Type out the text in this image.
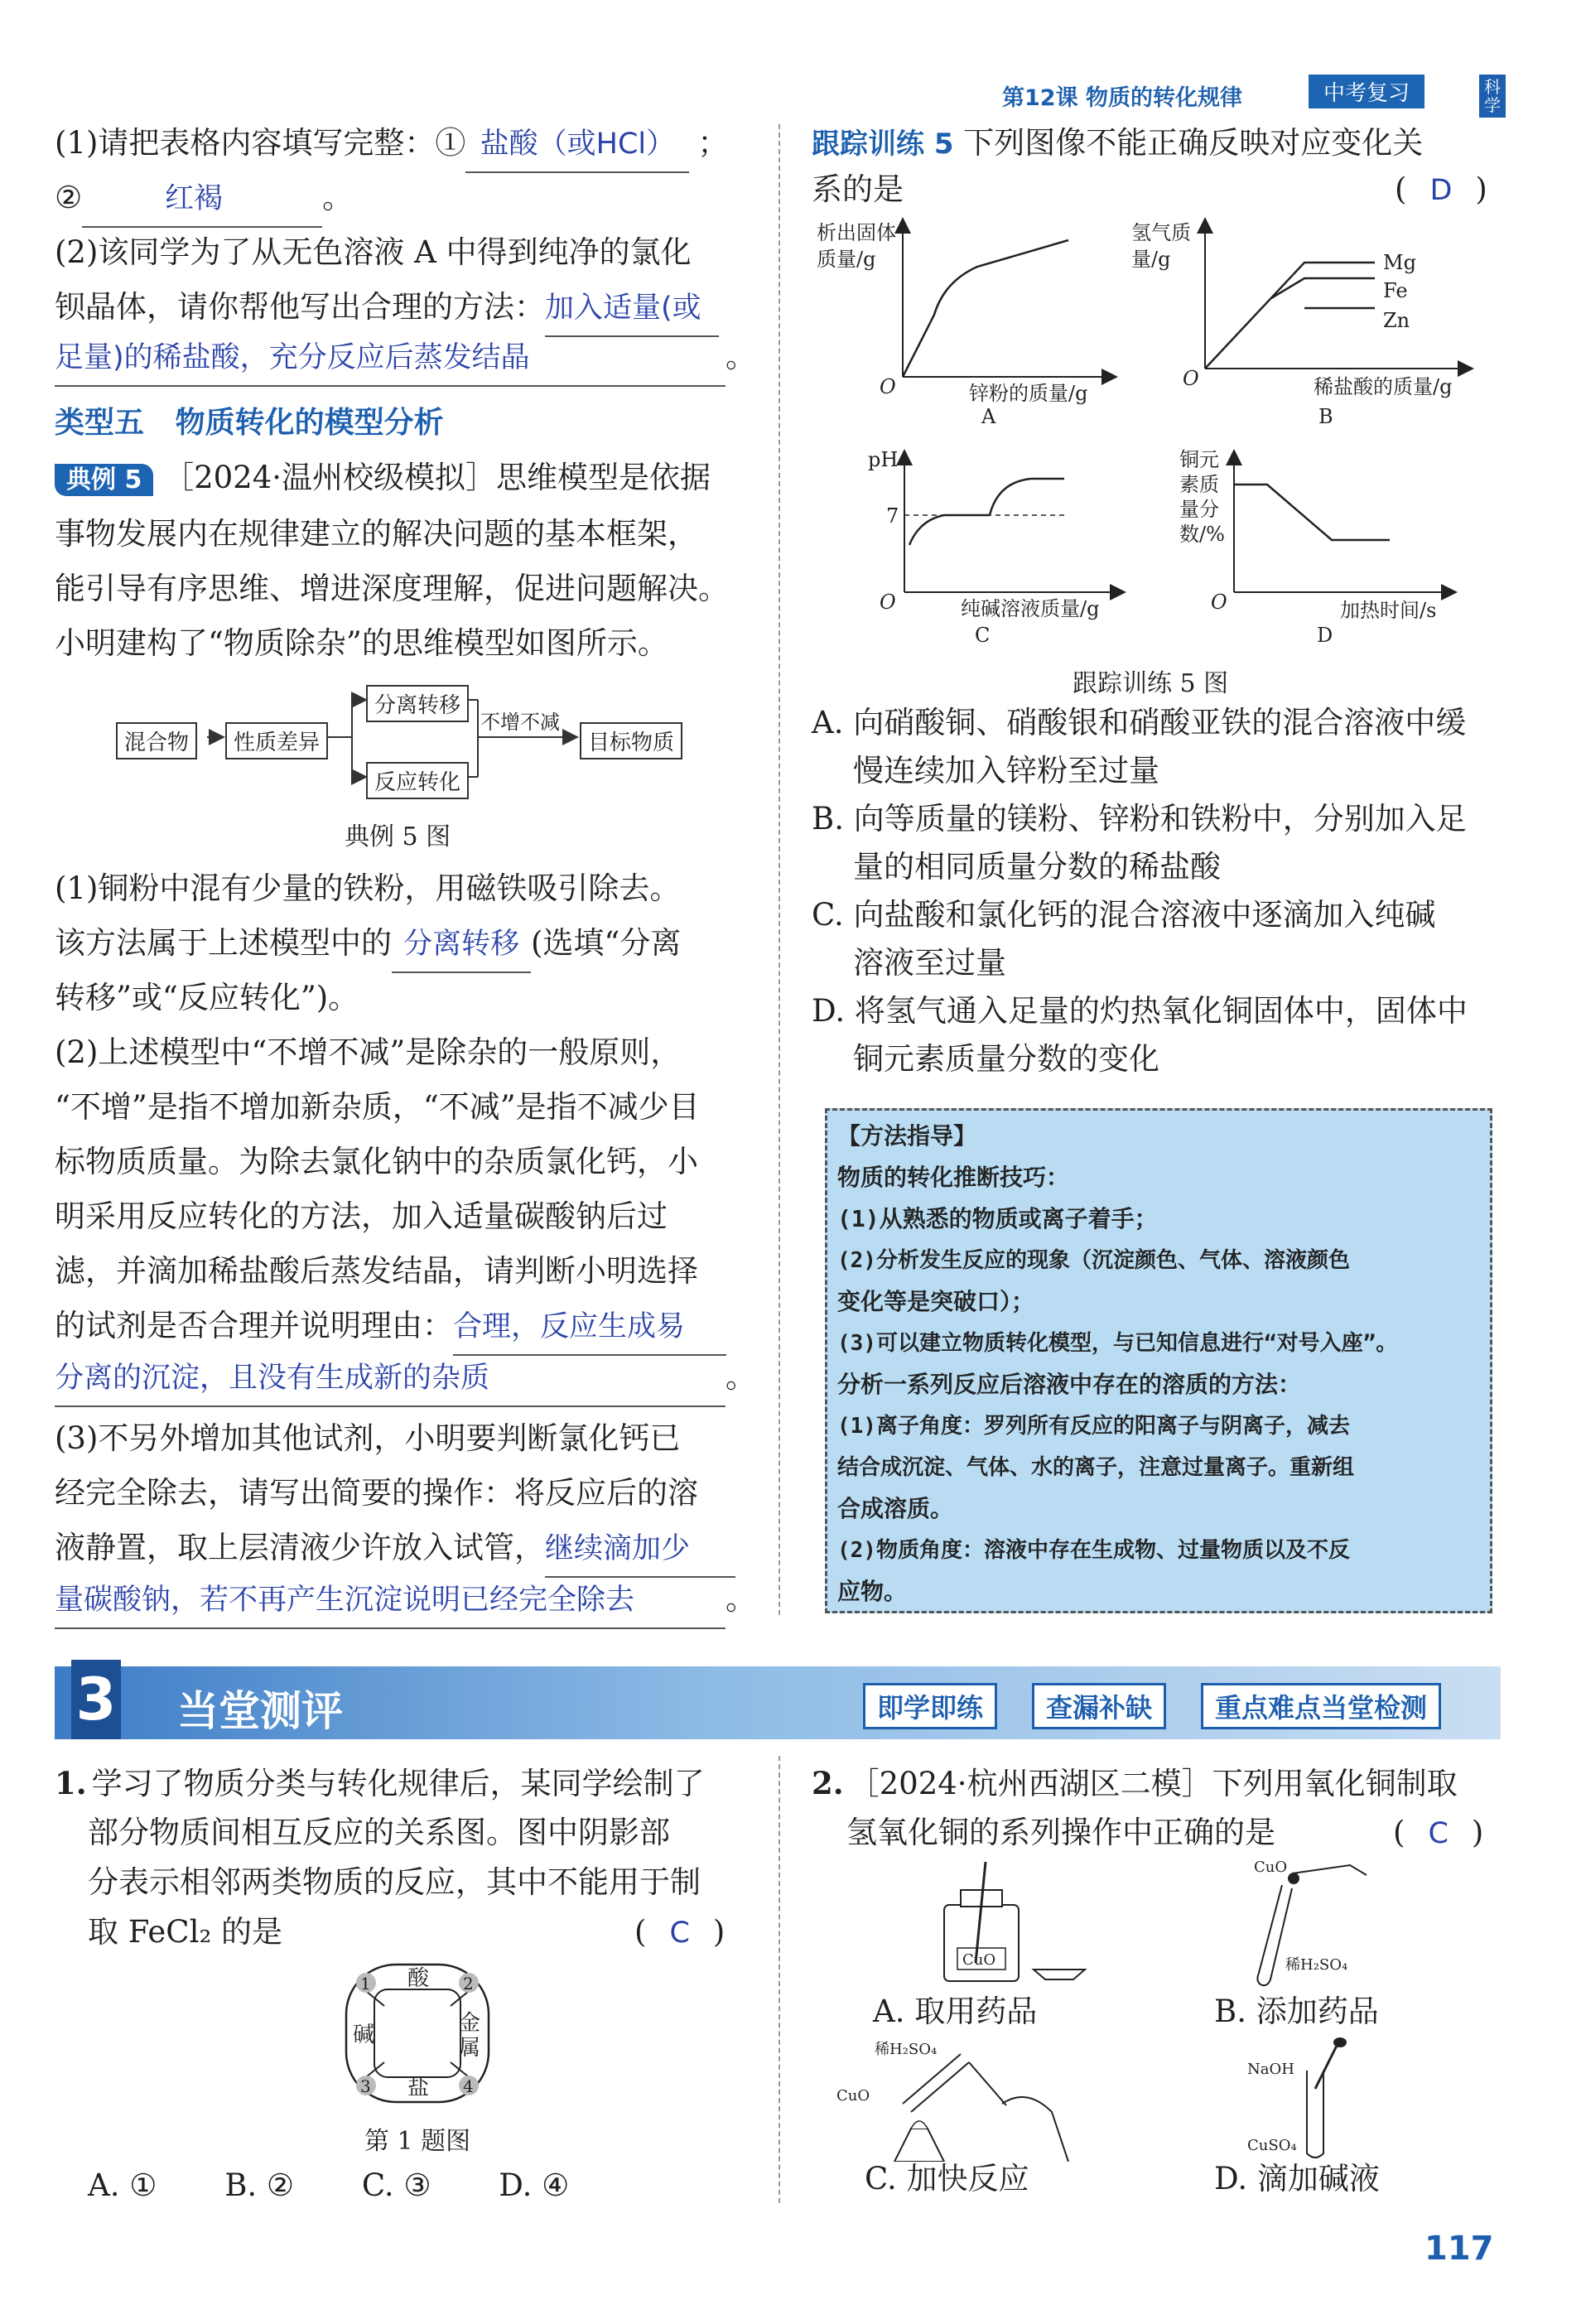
第12课 物质的转化规律	中考复习	科学
(1)请把表格内容填写完整：① 盐酸（或HCl） ；
②	红褐	。
(2)该同学为了从无色溶液 A 中得到纯净的氯化
钡晶体，请你帮他写出合理的方法：加入适量(或
足量)的稀盐酸，充分反应后蒸发结晶	。
类型五   物质转化的模型分析
典例 5 ［2024·温州校级模拟］思维模型是依据
事物发展内在规律建立的解决问题的基本框架，
能引导有序思维、增进深度理解，促进问题解决。
小明建构了“物质除杂”的思维模型如图所示。
混合物	性质差异
分离转移
反应转化
不增不减
目标物质
典例 5 图
(1)铜粉中混有少量的铁粉，用磁铁吸引除去。
该方法属于上述模型中的 分离转移 (选填“分离
转移”或“反应转化”)。
(2)上述模型中“不增不减”是除杂的一般原则，
“不增”是指不增加新杂质，“不减”是指不减少目
标物质质量。为除去氯化钠中的杂质氯化钙，小
明采用反应转化的方法，加入适量碳酸钠后过
滤，并滴加稀盐酸后蒸发结晶，请判断小明选择
的试剂是否合理并说明理由：合理，反应生成易
分离的沉淀，且没有生成新的杂质	。
(3)不另外增加其他试剂，小明要判断氯化钙已
经完全除去，请写出简要的操作：将反应后的溶
液静置，取上层清液少许放入试管，继续滴加少
量碳酸钠，若不再产生沉淀说明已经完全除去	。
跟踪训练 5 下列图像不能正确反映对应变化关
系的是	( D )
析出固体
质量/g
O	锌粉的质量/g
A
氢气质
量/g	Mg
Fe
Zn
O	稀盐酸的质量/g
B
pH
7
O	纯碱溶液质量/g
C
铜元
素质
量分
数/%
O	加热时间/s
D
跟踪训练 5 图
A. 向硝酸铜、硝酸银和硝酸亚铁的混合溶液中缓
慢连续加入锌粉至过量
B. 向等质量的镁粉、锌粉和铁粉中，分别加入足
量的相同质量分数的稀盐酸
C. 向盐酸和氯化钙的混合溶液中逐滴加入纯碱
溶液至过量
D. 将氢气通入足量的灼热氧化铜固体中，固体中
铜元素质量分数的变化
【方法指导】
物质的转化推断技巧：
(1)从熟悉的物质或离子着手；
(2)分析发生反应的现象（沉淀颜色、气体、溶液颜色
变化等是突破口）；
(3)可以建立物质转化模型，与已知信息进行“对号入座”。
分析一系列反应后溶液中存在的溶质的方法：
(1)离子角度：罗列所有反应的阳离子与阴离子，减去
结合成沉淀、气体、水的离子，注意过量离子。重新组
合成溶质。
(2)物质角度：溶液中存在生成物、过量物质以及不反
应物。
3 当堂测评	即学即练	查漏补缺	重点难点当堂检测
1. 学习了物质分类与转化规律后，某同学绘制了
部分物质间相互反应的关系图。图中阴影部
分表示相邻两类物质的反应，其中不能用于制
取 FeCl₂ 的是	( C )
酸
碱	金
属
盐
1	2
3	4
第 1 题图
A. ① B. ② C. ③ D. ④
2. ［2024·杭州西湖区二模］下列用氧化铜制取
氢氧化铜的系列操作中正确的是	( C )
CuO
A. 取用药品
CuO
稀H₂SO₄
B. 添加药品
稀H₂SO₄
CuO
C. 加快反应
NaOH
CuSO₄
D. 滴加碱液
117
